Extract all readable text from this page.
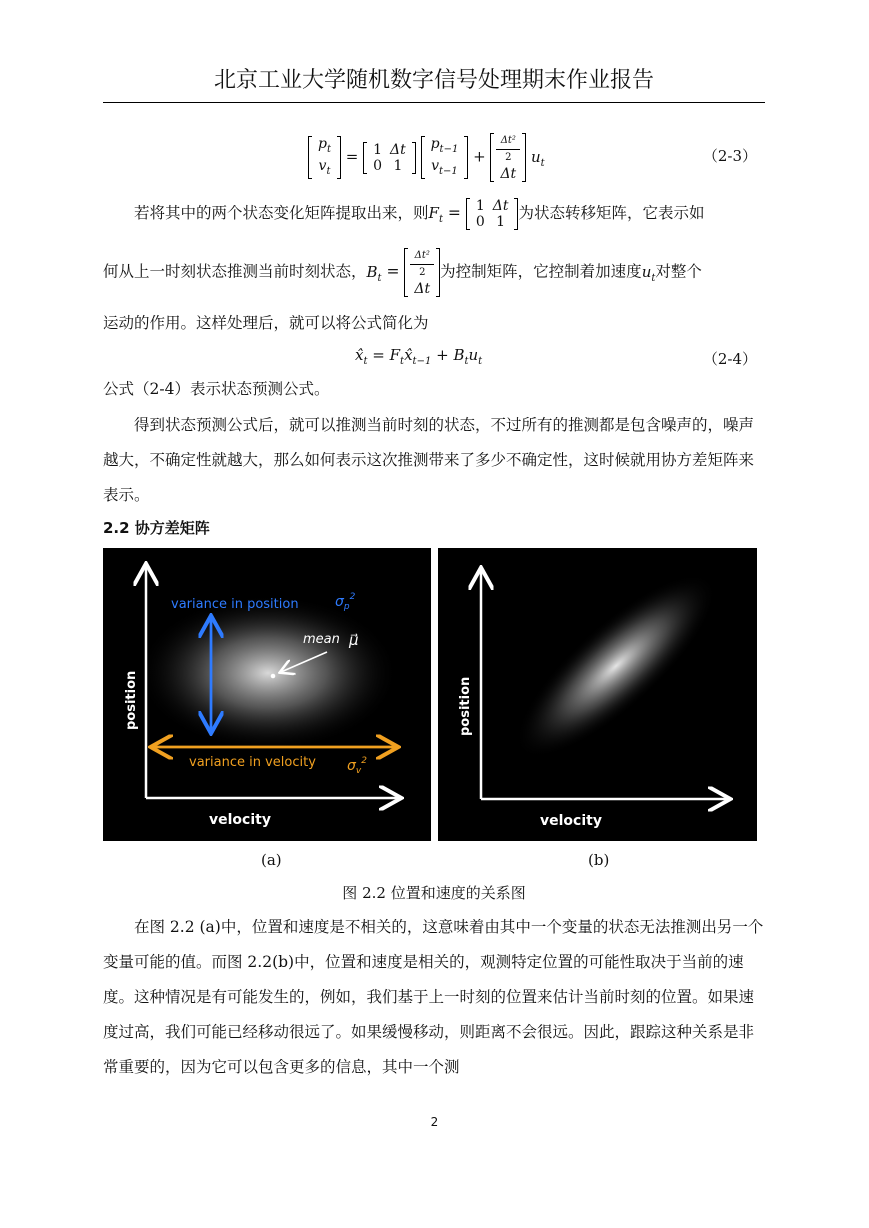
北京工业大学随机数字信号处理期末作业报告
$p_t$
$v_t$
= 1	Δt
0	1

$p_{t-1}$
$v_{t-1}$
+
Δt²
2
Δt
$u_t$	（2-3）
若将其中的两个状态变化矩阵提取出来，则$F_t = 1$	Δt
0	1 为状态转移矩阵，它表示如
何从上一时刻状态推测当前时刻状态，$B_t$ =
Δt²
2
Δt
为控制矩阵，它控制着加速度$u_t$对整个
运动的作用。这样处理后，就可以将公式简化为
$x̂_t$ = $F_tx̂_{t-1} + B_tu_t$	（2-4）
公式（2-4）表示状态预测公式。
得到状态预测公式后，就可以推测当前时刻的状态，不过所有的推测都是包含噪声的，噪声越大，不确定性就越大，那么如何表示这次推测带来了多少不确定性，这时候就用协方差矩阵来表示。
2.2 协方差矩阵
variance in position	$\sigma_p^2$
mean μ⃗
variance in velocity $\sigma_v^2$
position
velocity
position
velocity
(a)	(b)
图 2.2 位置和速度的关系图
在图 2.2 (a)中，位置和速度是不相关的，这意味着由其中一个变量的状态无法推测出另一个变量可能的值。而图 2.2(b)中，位置和速度是相关的，观测特定位置的可能性取决于当前的速度。这种情况是有可能发生的，例如，我们基于上一时刻的位置来估计当前时刻的位置。如果速度过高，我们可能已经移动很远了。如果缓慢移动，则距离不会很远。因此，跟踪这种关系是非常重要的，因为它可以包含更多的信息，其中一个测
2
